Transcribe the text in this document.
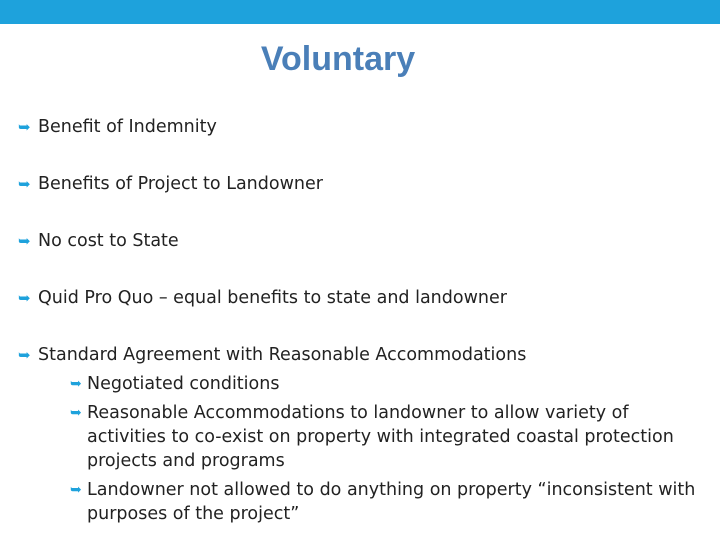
Voluntary
➥ Benefit of Indemnity
➥ Benefits of Project to Landowner
➥ No cost to State
➥ Quid Pro Quo – equal benefits to state and landowner
➥ Standard Agreement with Reasonable Accommodations
➥ Negotiated conditions
➥ Reasonable Accommodations to landowner to allow variety of activities to co-exist on property with integrated coastal protection projects and programs
➥ Landowner not allowed to do anything on property “inconsistent with purposes of the project”
